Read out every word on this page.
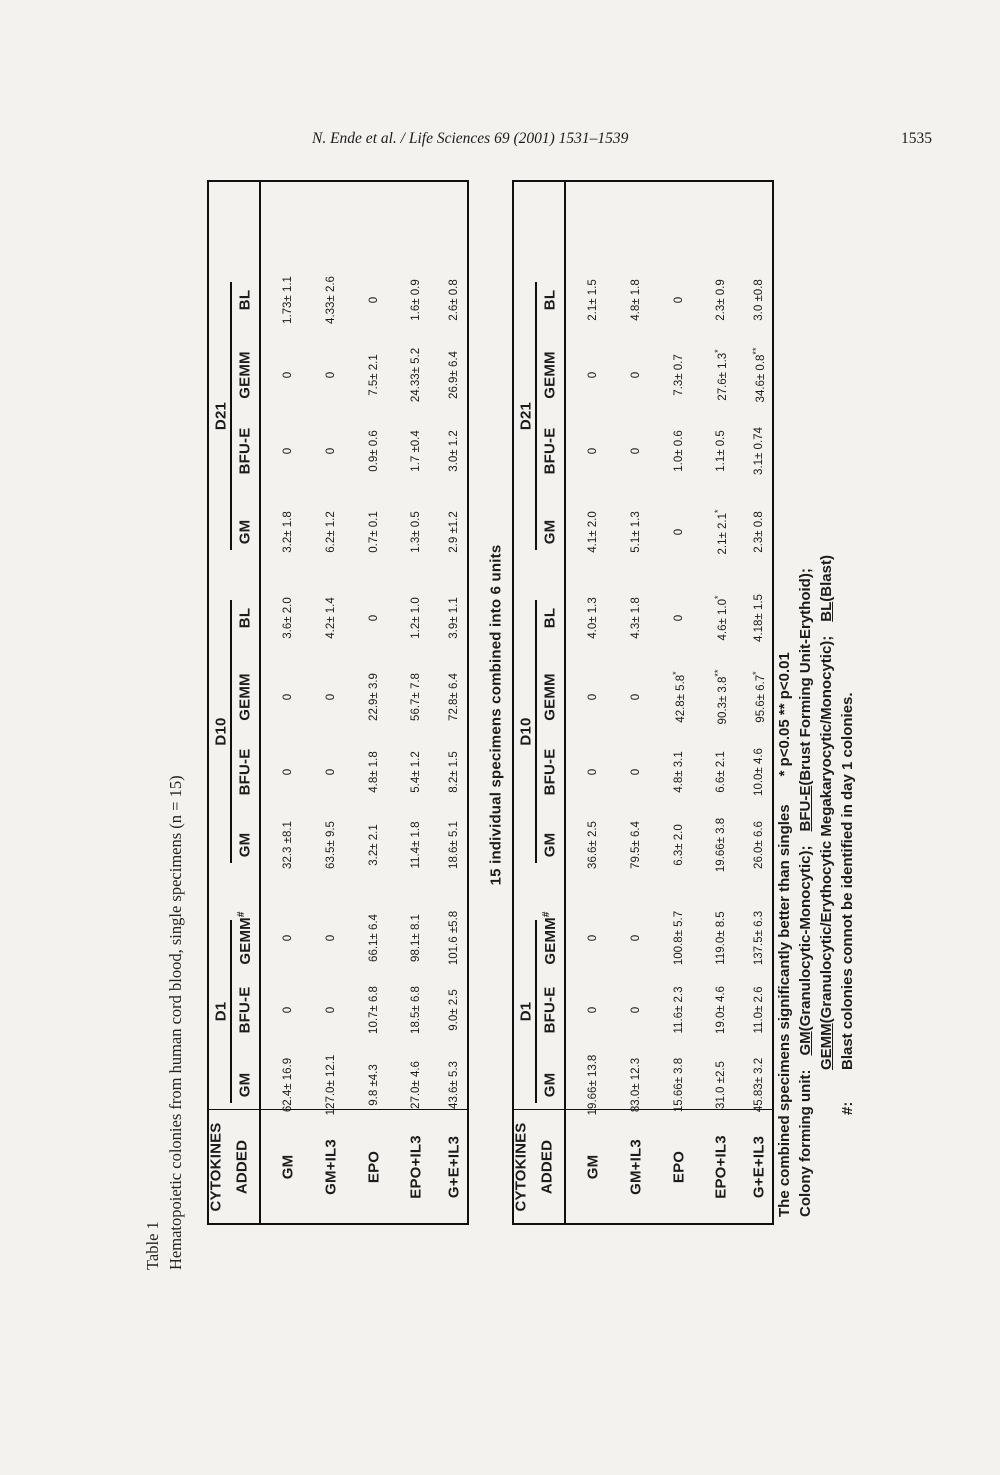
N. Ende et al. / Life Sciences 69 (2001) 1531–1539	1535
Table 1 Hematopoietic colonies from human cord blood, single specimens (n = 15)
15 individual specimens combined into 6 units
CYTOKINES ADDED
D1
D10
D21
GM
BFU-E
GEMM#
GM
BFU-E
GEMM
BL
GM
BFU-E
GEMM
BL
GM
62.4± 16.9
0
0
32.3 ±8.1
0
0
3.6± 2.0
3.2± 1.8
0
0
1.73± 1.1
GM+IL3
127.0± 12.1
0
0
63.5± 9.5
0
0
4.2± 1.4
6.2± 1.2
0
0
4.33± 2.6
EPO
9.8 ±4.3
10.7± 6.8
66.1± 6.4
3.2± 2.1
4.8± 1.8
22.9± 3.9
0
0.7± 0.1
0.9± 0.6
7.5± 2.1
0
EPO+IL3
27.0± 4.6
18.5± 6.8
98.1± 8.1
11.4± 1.8
5.4± 1.2
56.7± 7.8
1.2± 1.0
1.3± 0.5
1.7 ±0.4
24.33± 5.2
1.6± 0.9
G+E+IL3
43.6± 5.3
9.0± 2.5
101.6 ±5.8
18.6± 5.1
8.2± 1.5
72.8± 6.4
3.9± 1.1
2.9 ±1.2
3.0± 1.2
26.9± 6.4
2.6± 0.8
CYTOKINES ADDED
D1
D10
D21
GM
BFU-E
GEMM#
GM
BFU-E
GEMM
BL
GM
BFU-E
GEMM
BL
GM
19.66± 13.8
0
0
36.6± 2.5
0
0
4.0± 1.3
4.1± 2.0
0
0
2.1± 1.5
GM+IL3
83.0± 12.3
0
0
79.5± 6.4
0
0
4.3± 1.8
5.1± 1.3
0
0
4.8± 1.8
EPO
15.66± 3.8
11.6± 2.3
100.8± 5.7
6.3± 2.0
4.8± 3.1
42.8± 5.8*
0
0
1.0± 0.6
7.3± 0.7
0
EPO+IL3
31.0 ±2.5
19.0± 4.6
119.0± 8.5
19.66± 3.8
6.6± 2.1
90.3± 3.8**
4.6± 1.0*
2.1± 2.1*
1.1± 0.5
27.6± 1.3*
2.3± 0.9
G+E+IL3
45.83± 3.2
11.0± 2.6
137.5± 6.3
26.0± 6.6
10.0± 4.6
95.6± 6.7*
4.18± 1.5
2.3± 0.8
3.1± 0.74
34.6± 0.8**
3.0 ±0.8
The combined specimens significantly better than singles* p<0.05 ** p<0.01
Colony forming unit:GM(Granulocytic-Monocytic);BFU-E(Brust Forming Unit-Erythoid);
GEMM(Granulocytic/Erythocytic Megakaryocytic/Monocytic);BL(Blast)
#:
Blast colonies connot be identified in day 1 colonies.
